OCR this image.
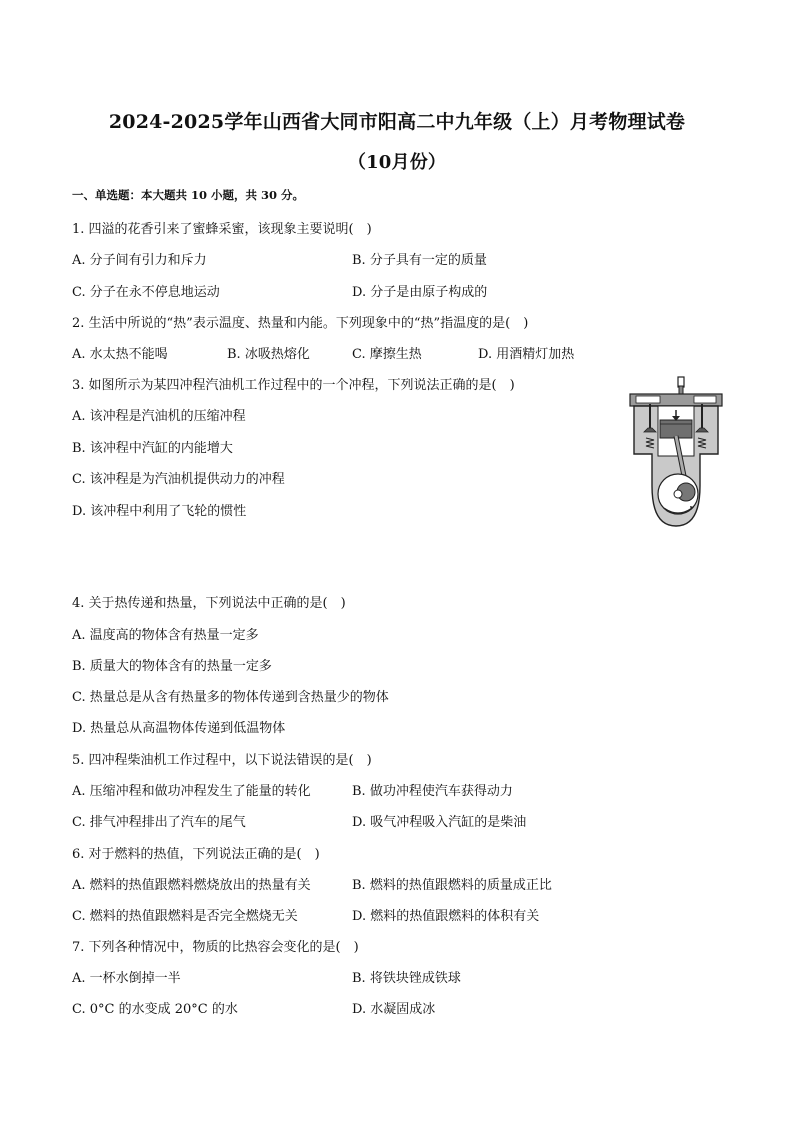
2024-2025学年山西省大同市阳高二中九年级（上）月考物理试卷
（10月份）
一、单选题：本大题共 10 小题，共 30 分。
1. 四溢的花香引来了蜜蜂采蜜，该现象主要说明(　)
A. 分子间有引力和斥力	B. 分子具有一定的质量
C. 分子在永不停息地运动	D. 分子是由原子构成的
2. 生活中所说的“热”表示温度、热量和内能。下列现象中的“热”指温度的是(　)
A. 水太热不能喝	B. 冰吸热熔化	C. 摩擦生热	D. 用酒精灯加热
3. 如图所示为某四冲程汽油机工作过程中的一个冲程，下列说法正确的是(　)
A. 该冲程是汽油机的压缩冲程
B. 该冲程中汽缸的内能增大
C. 该冲程是为汽油机提供动力的冲程
D. 该冲程中利用了飞轮的惯性
4. 关于热传递和热量，下列说法中正确的是(　)
A. 温度高的物体含有热量一定多
B. 质量大的物体含有的热量一定多
C. 热量总是从含有热量多的物体传递到含热量少的物体
D. 热量总从高温物体传递到低温物体
5. 四冲程柴油机工作过程中，以下说法错误的是(　)
A. 压缩冲程和做功冲程发生了能量的转化	B. 做功冲程使汽车获得动力
C. 排气冲程排出了汽车的尾气	D. 吸气冲程吸入汽缸的是柴油
6. 对于燃料的热值，下列说法正确的是(　)
A. 燃料的热值跟燃料燃烧放出的热量有关	B. 燃料的热值跟燃料的质量成正比
C. 燃料的热值跟燃料是否完全燃烧无关	D. 燃料的热值跟燃料的体积有关
7. 下列各种情况中，物质的比热容会变化的是(　)
A. 一杯水倒掉一半	B. 将铁块锉成铁球
C. 0°C 的水变成 20°C 的水	D. 水凝固成冰
